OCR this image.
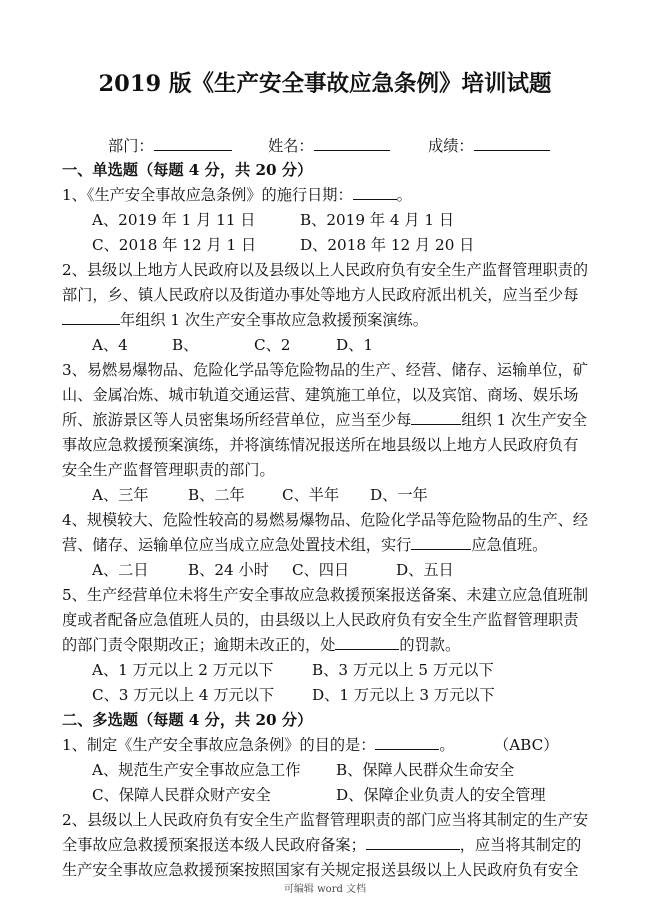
2019 版《生产安全事故应急条例》培训试题
部门：	姓名：	成绩：
一、单选题（每题 4 分，共 20 分）
1、《生产安全事故应急条例》的施行日期：	。
A、2019 年 1 月 11 日	B、2019 年 4 月 1 日
C、2018 年 12 月 1 日	D、2018 年 12 月 20 日
2、县级以上地方人民政府以及县级以上人民政府负有安全生产监督管理职责的
部门，乡、镇人民政府以及街道办事处等地方人民政府派出机关，应当至少每
年组织 1 次生产安全事故应急救援预案演练。
A、4	B、	C、2	D、1
3、易燃易爆物品、危险化学品等危险物品的生产、经营、储存、运输单位，矿
山、金属冶炼、城市轨道交通运营、建筑施工单位，以及宾馆、商场、娱乐场
所、旅游景区等人员密集场所经营单位，应当至少每	组织 1 次生产安全
事故应急救援预案演练，并将演练情况报送所在地县级以上地方人民政府负有
安全生产监督管理职责的部门。
A、三年	B、二年 C、半年 D、一年
4、规模较大、危险性较高的易燃易爆物品、危险化学品等危险物品的生产、经
营、储存、运输单位应当成立应急处置技术组，实行	应急值班。
A、二日	B、24 小时 C、四日	D、五日
5、生产经营单位未将生产安全事故应急救援预案报送备案、未建立应急值班制
度或者配备应急值班人员的，由县级以上人民政府负有安全生产监督管理职责
的部门责令限期改正；逾期未改正的，处	的罚款。
A、1 万元以上 2 万元以下	B、3 万元以上 5 万元以下
C、3 万元以上 4 万元以下 D、1 万元以上 3 万元以下
二、多选题（每题 4 分，共 20 分）
1、制定《生产安全事故应急条例》的目的是：	。	（ABC）
A、规范生产安全事故应急工作 B、保障人民群众生命安全
C、保障人民群众财产安全	D、保障企业负责人的安全管理
2、县级以上人民政府负有安全生产监督管理职责的部门应当将其制定的生产安
全事故应急救援预案报送本级人民政府备案；	，应当将其制定的
生产安全事故应急救援预案按照国家有关规定报送县级以上人民政府负有安全
可编辑 word 文档
